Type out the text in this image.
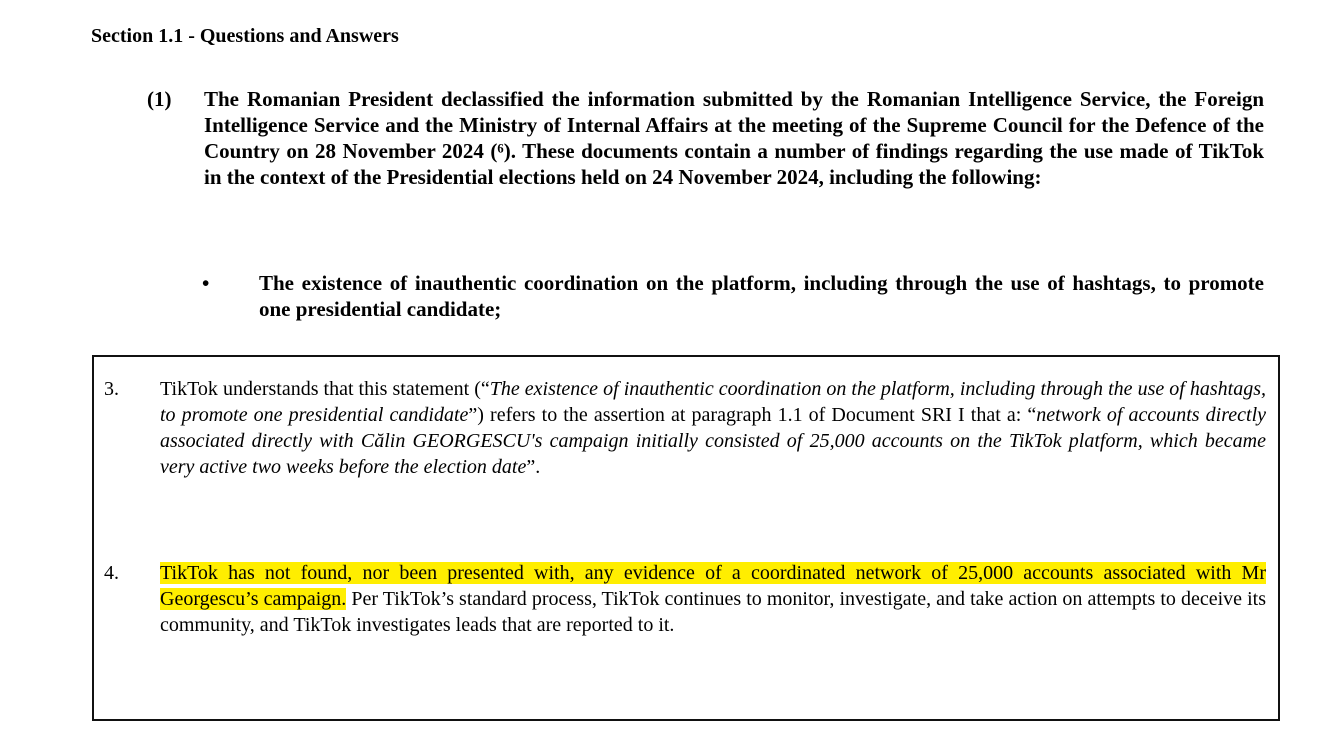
Section 1.1 - Questions and Answers
(1) The Romanian President declassified the information submitted by the Romanian Intelligence Service, the Foreign Intelligence Service and the Ministry of Internal Affairs at the meeting of the Supreme Council for the Defence of the Country on 28 November 2024 (⁶). These documents contain a number of findings regarding the use made of TikTok in the context of the Presidential elections held on 24 November 2024, including the following:
• The existence of inauthentic coordination on the platform, including through the use of hashtags, to promote one presidential candidate;
3. TikTok understands that this statement (“The existence of inauthentic coordination on the platform, including through the use of hashtags, to promote one presidential candidate”) refers to the assertion at paragraph 1.1 of Document SRI I that a: “network of accounts directly associated directly with Călin GEORGESCU's campaign initially consisted of 25,000 accounts on the TikTok platform, which became very active two weeks before the election date”.
4. TikTok has not found, nor been presented with, any evidence of a coordinated network of 25,000 accounts associated with Mr Georgescu’s campaign. Per TikTok’s standard process, TikTok continues to monitor, investigate, and take action on attempts to deceive its community, and TikTok investigates leads that are reported to it.
